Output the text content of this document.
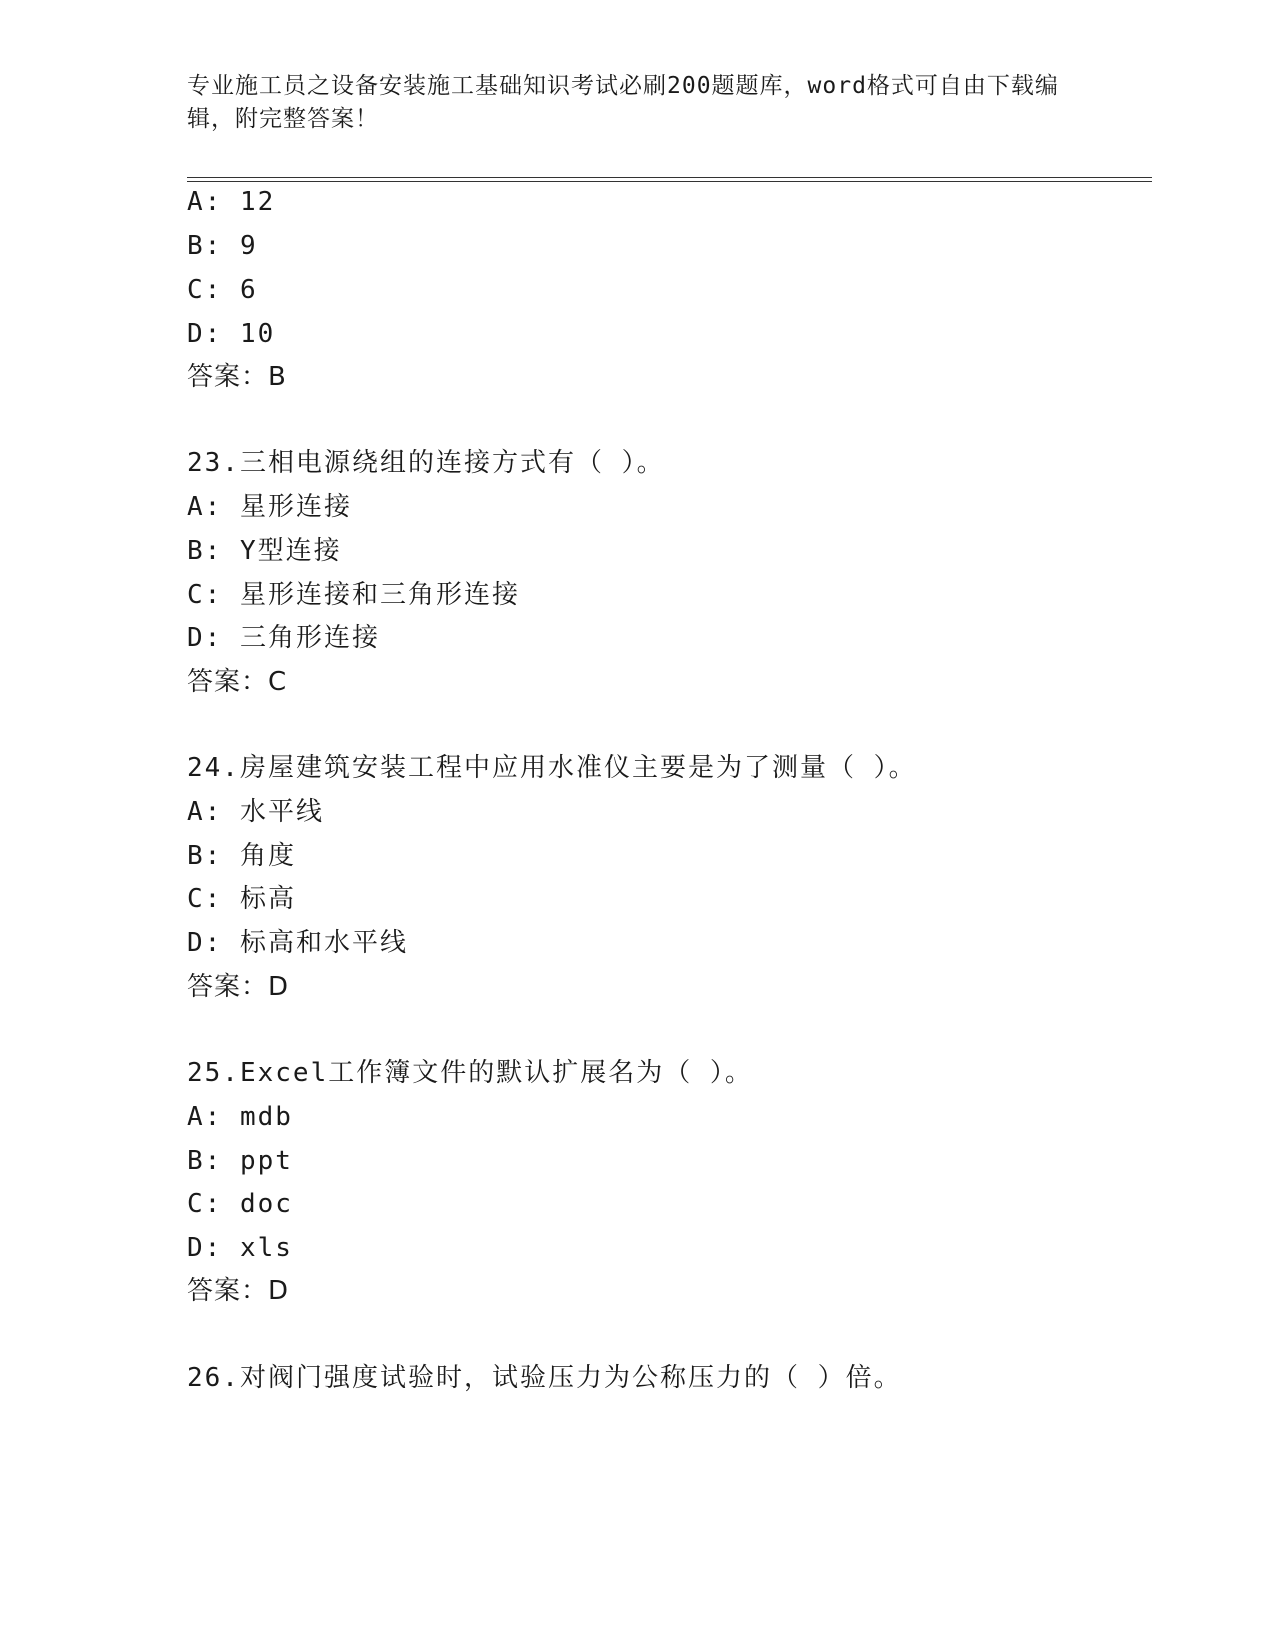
专业施工员之设备安装施工基础知识考试必刷200题题库，word格式可自由下载编辑，附完整答案！
A: 12
B: 9
C: 6
D: 10
答案：B
23.三相电源绕组的连接方式有（ ）。
A: 星形连接
B: Y型连接
C: 星形连接和三角形连接
D: 三角形连接
答案：C
24.房屋建筑安装工程中应用水准仪主要是为了测量（ ）。
A: 水平线
B: 角度
C: 标高
D: 标高和水平线
答案：D
25.Excel工作簿文件的默认扩展名为（ ）。
A: mdb
B: ppt
C: doc
D: xls
答案：D
26.对阀门强度试验时，试验压力为公称压力的（ ）倍。
